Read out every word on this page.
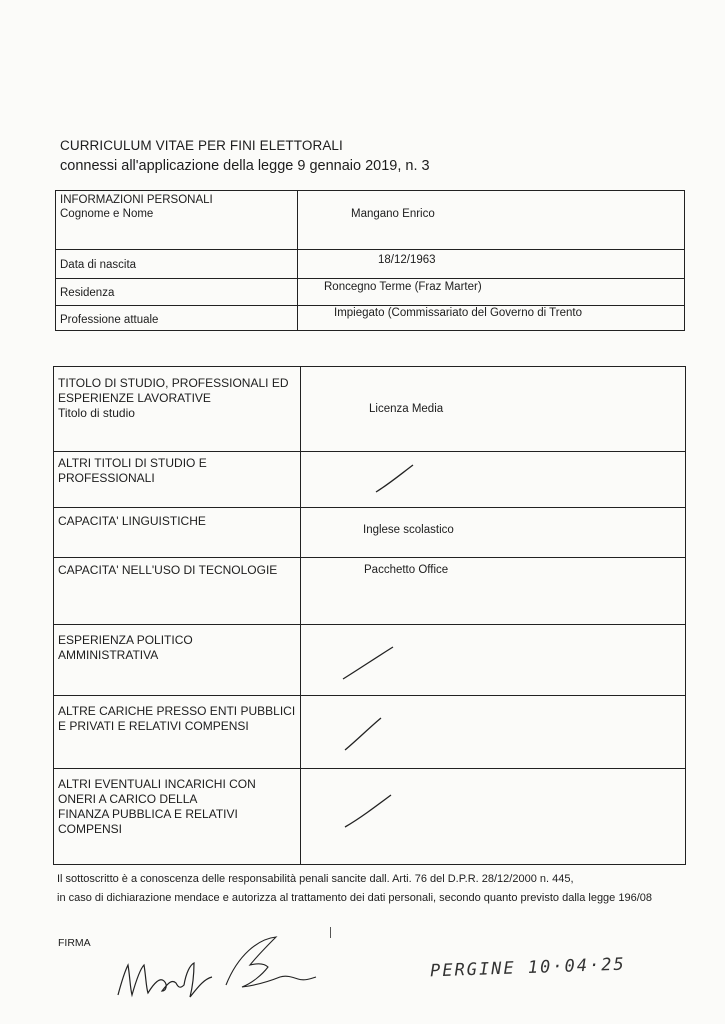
CURRICULUM VITAE PER FINI ELETTORALI
connessi all'applicazione della legge 9 gennaio 2019, n. 3
INFORMAZIONI PERSONALI
Cognome e Nome	Mangano Enrico

Data di nascita	18/12/1963

Residenza	Roncegno Terme (Fraz Marter)

Professione attuale	Impiegato (Commissariato del Governo di Trento
TITOLO DI STUDIO, PROFESSIONALI ED
ESPERIENZE LAVORATIVE
Titolo di studio	Licenza Media

ALTRI TITOLI DI STUDIO E
PROFESSIONALI

CAPACITA' LINGUISTICHE	Inglese scolastico

CAPACITA' NELL'USO DI TECNOLOGIE	Pacchetto Office

ESPERIENZA POLITICO
AMMINISTRATIVA

ALTRE CARICHE PRESSO ENTI PUBBLICI
E PRIVATI E RELATIVI COMPENSI

ALTRI EVENTUALI INCARICHI CON
ONERI A CARICO DELLA
FINANZA PUBBLICA E RELATIVI
COMPENSI

Il sottoscritto è a conoscenza delle responsabilità penali sancite dall. Arti. 76 del D.P.R. 28/12/2000 n. 445,
in caso di dichiarazione mendace e autorizza al trattamento dei dati personali, secondo quanto previsto dalla legge 196/08
FIRMA
PERGINE 10·04·25
